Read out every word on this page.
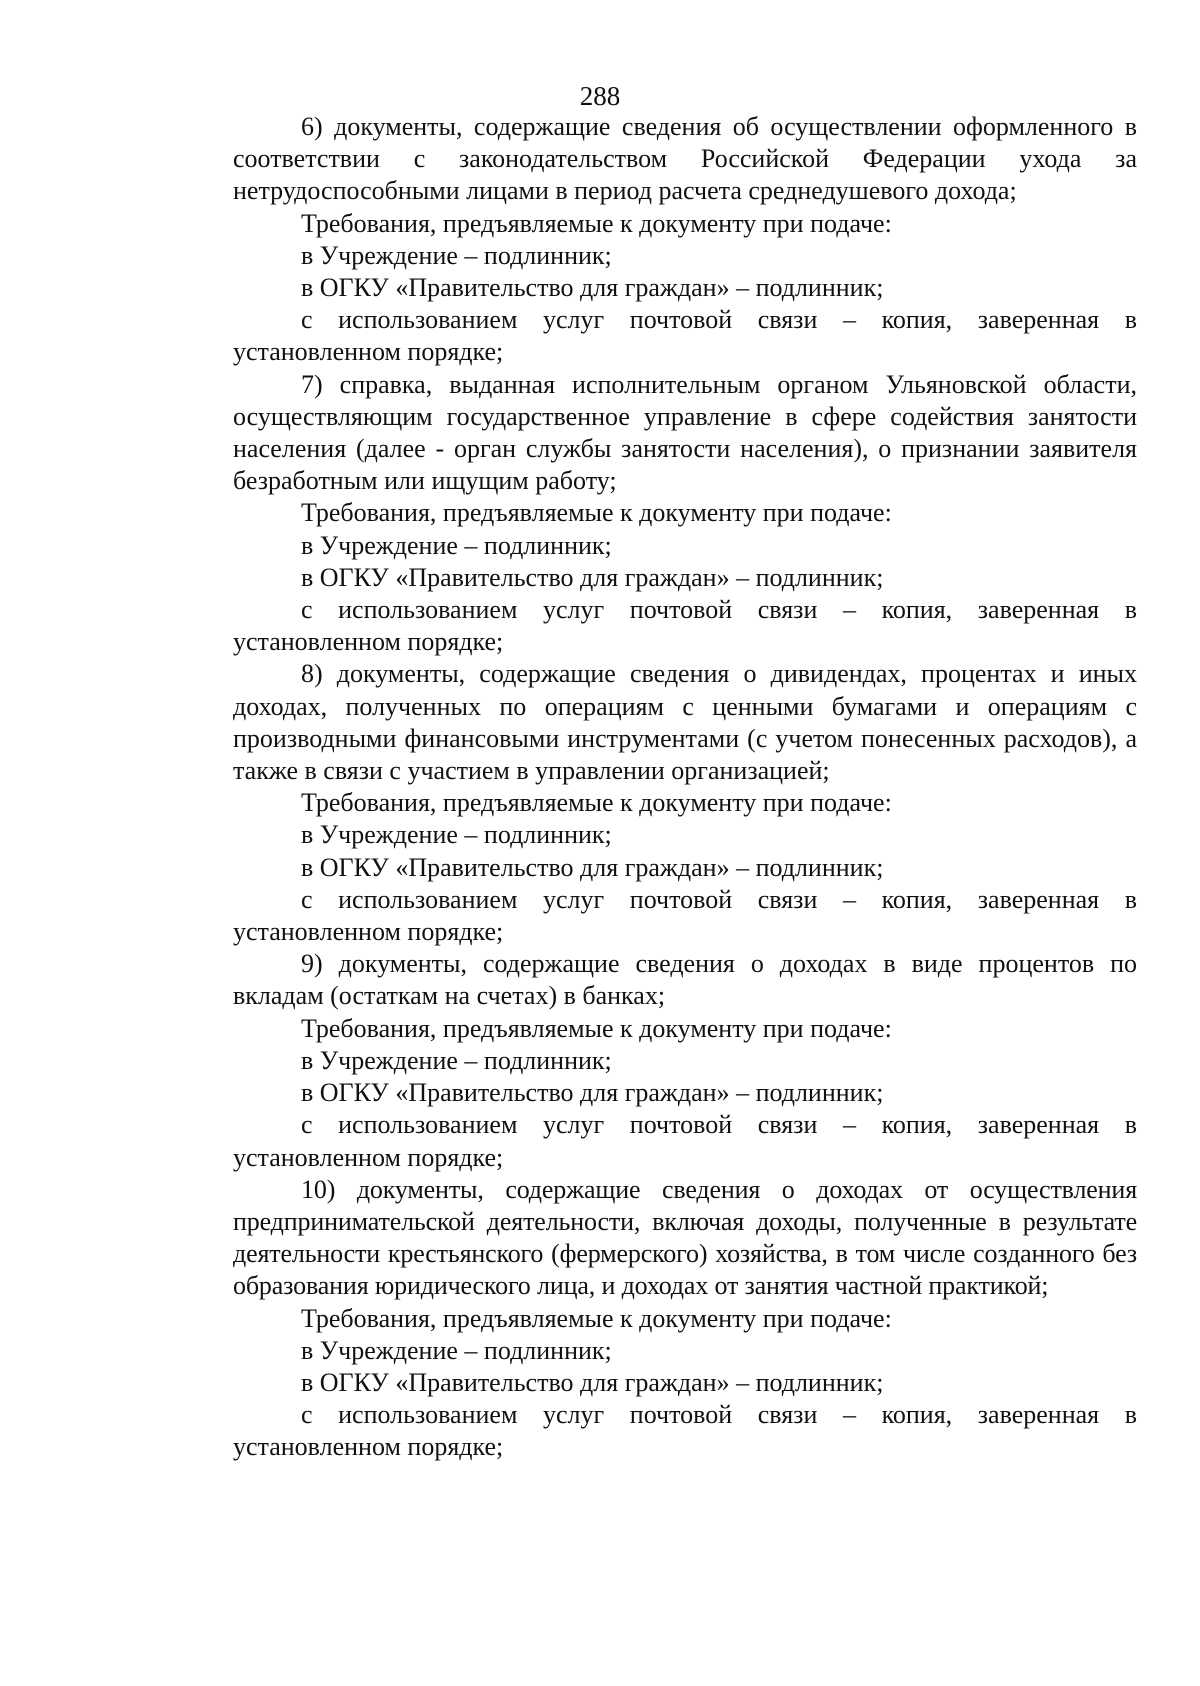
288

6) документы, содержащие сведения об осуществлении оформленного в соответствии с законодательством Российской Федерации ухода за нетрудоспособными лицами в период расчета среднедушевого дохода;

Требования, предъявляемые к документу при подаче:

в Учреждение – подлинник;

в ОГКУ «Правительство для граждан» – подлинник;

с использованием услуг почтовой связи – копия, заверенная в установленном порядке;

7) справка, выданная исполнительным органом Ульяновской области, осуществляющим государственное управление в сфере содействия занятости населения (далее - орган службы занятости населения), о признании заявителя безработным или ищущим работу;

Требования, предъявляемые к документу при подаче:

в Учреждение – подлинник;

в ОГКУ «Правительство для граждан» – подлинник;

с использованием услуг почтовой связи – копия, заверенная в установленном порядке;

8) документы, содержащие сведения о дивидендах, процентах и иных доходах, полученных по операциям с ценными бумагами и операциям с производными финансовыми инструментами (с учетом понесенных расходов), а также в связи с участием в управлении организацией;

Требования, предъявляемые к документу при подаче:

в Учреждение – подлинник;

в ОГКУ «Правительство для граждан» – подлинник;

с использованием услуг почтовой связи – копия, заверенная в установленном порядке;

9) документы, содержащие сведения о доходах в виде процентов по вкладам (остаткам на счетах) в банках;

Требования, предъявляемые к документу при подаче:

в Учреждение – подлинник;

в ОГКУ «Правительство для граждан» – подлинник;

с использованием услуг почтовой связи – копия, заверенная в установленном порядке;

10) документы, содержащие сведения о доходах от осуществления предпринимательской деятельности, включая доходы, полученные в результате деятельности крестьянского (фермерского) хозяйства, в том числе созданного без образования юридического лица, и доходах от занятия частной практикой;

Требования, предъявляемые к документу при подаче:

в Учреждение – подлинник;

в ОГКУ «Правительство для граждан» – подлинник;

с использованием услуг почтовой связи – копия, заверенная в установленном порядке;
